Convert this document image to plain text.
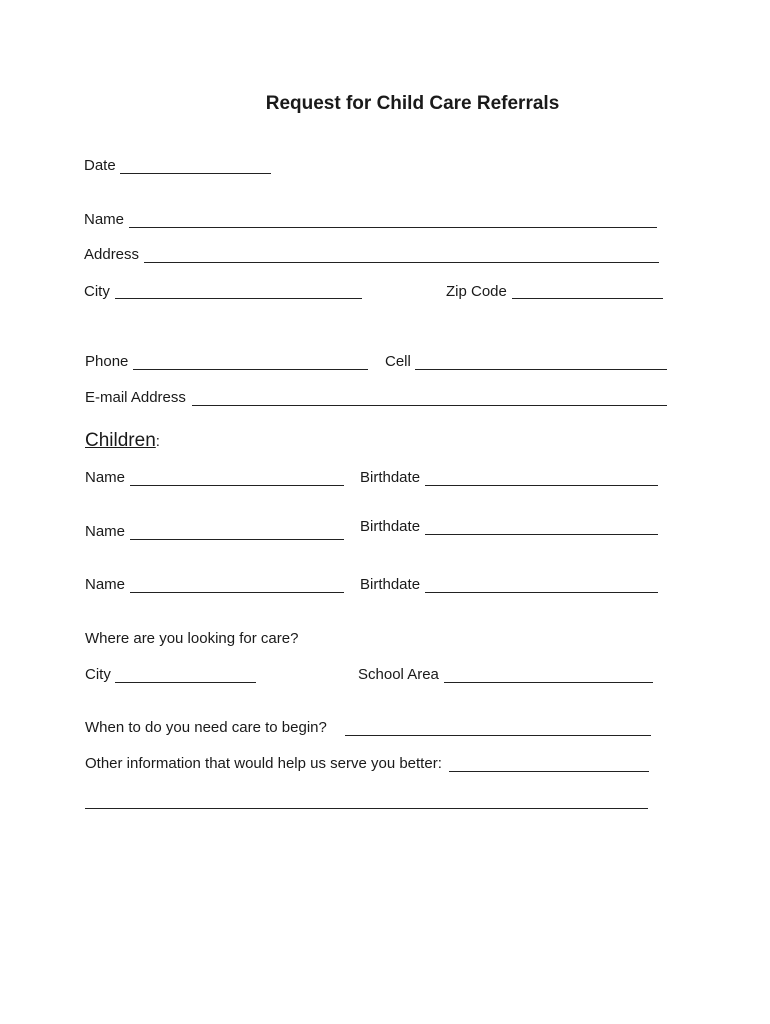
Request for Child Care Referrals
Date
Name
Address
City	Zip Code
Phone	Cell
E-mail Address
Children:
Name	Birthdate
Name	Birthdate
Name	Birthdate
Where are you looking for care?
City	School Area
When to do you need care to begin?
Other information that would help us serve you better:
